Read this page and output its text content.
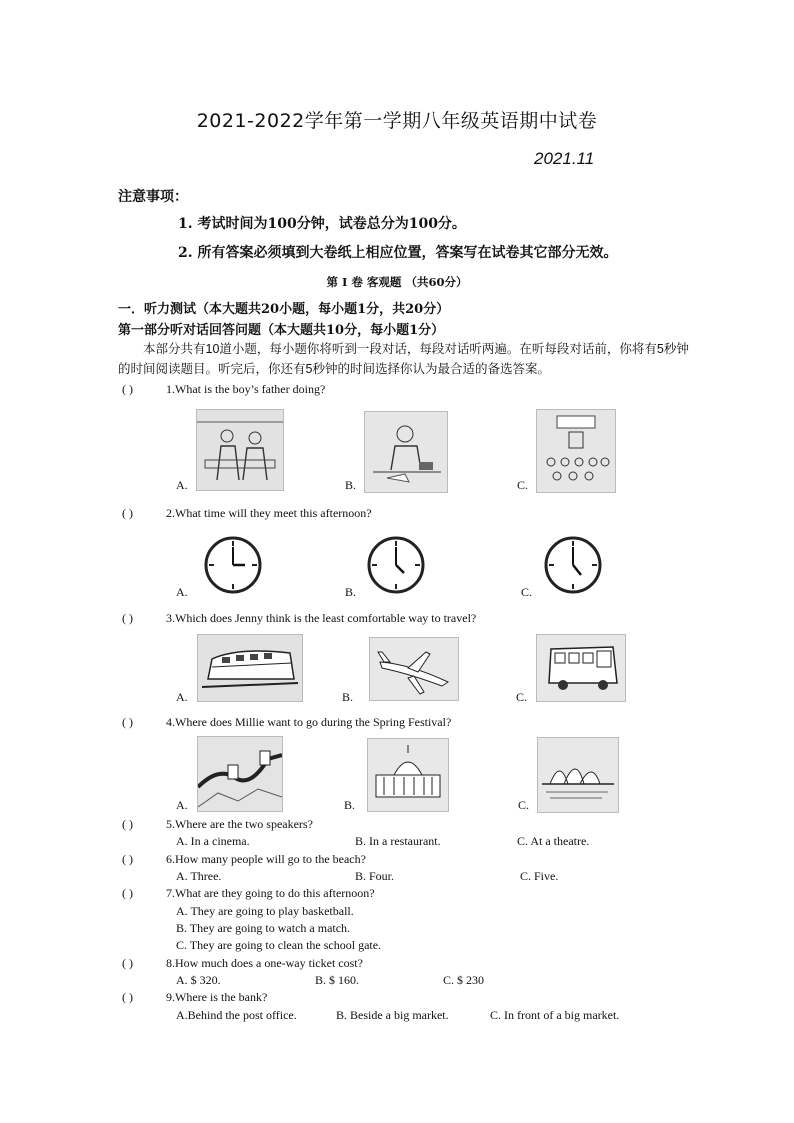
2021-2022学年第一学期八年级英语期中试卷
2021.11
注意事项：
1. 考试时间为100分钟，试卷总分为100分。
2. 所有答案必须填到大卷纸上相应位置，答案写在试卷其它部分无效。
第 I 卷 客观题 （共60分）
一．听力测试（本大题共20小题，每小题1分，共20分）
第一部分听对话回答问题（本大题共10分，每小题1分）
本部分共有10道小题，每小题你将听到一段对话，每段对话听两遍。在听每段对话前，你将有5秒钟的时间阅读题目。听完后，你还有5秒钟的时间选择你认为最合适的备选答案。
( )	1.What is the boy’s father doing?
A.	B.	C.
( )	2.What time will they meet this afternoon?
A.	B.	C.
( )	3.Which does Jenny think is the least comfortable way to travel?
A.	B.	C.
( )	4.Where does Millie want to go during the Spring Festival?
A.	B.	C.
( )	5.Where are the two speakers?
A. In a cinema.	B. In a restaurant.	C. At a theatre.
( )	6.How many people will go to the beach?
A. Three.	B. Four.	C. Five.
( )	7.What are they going to do this afternoon?
A. They are going to play basketball.
B. They are going to watch a match.
C. They are going to clean the school gate.
( )	8.How much does a one-way ticket cost?
A. $ 320.	B. $ 160.	C. $ 230
( )	9.Where is the bank?
A.Behind the post office.	B. Beside a big market.	C. In front of a big market.
